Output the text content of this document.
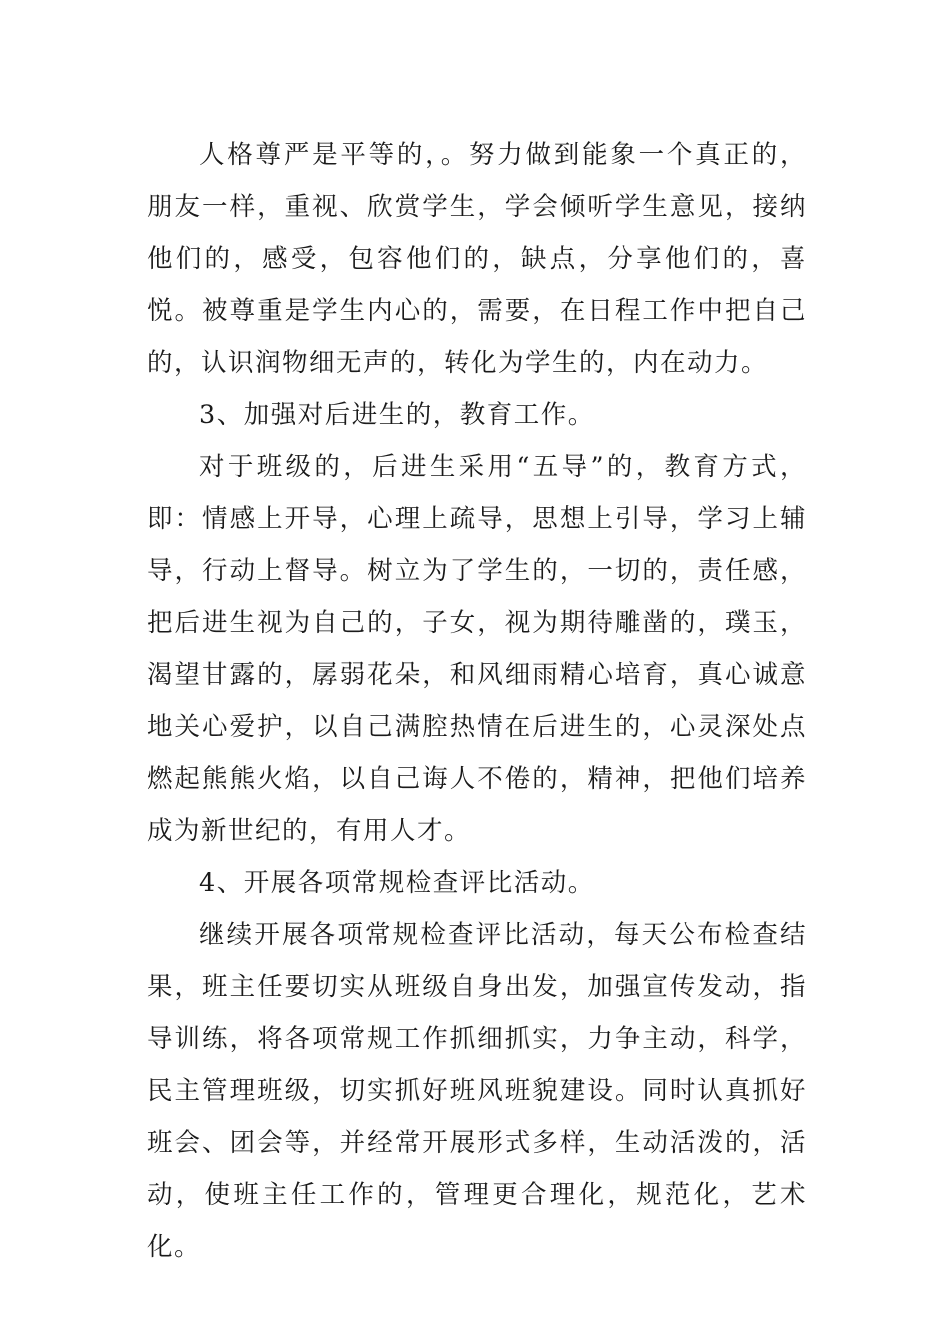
人格尊严是平等的，。努力做到能象一个真正的，朋友一样，重视、欣赏学生，学会倾听学生意见，接纳他们的，感受，包容他们的，缺点，分享他们的，喜悦。被尊重是学生内心的，需要，在日程工作中把自己的，认识润物细无声的，转化为学生的，内在动力。

3、加强对后进生的，教育工作。

对于班级的，后进生采用“五导”的，教育方式，即：情感上开导，心理上疏导，思想上引导，学习上辅导，行动上督导。树立为了学生的，一切的，责任感，把后进生视为自己的，子女，视为期待雕凿的，璞玉，渴望甘露的，孱弱花朵，和风细雨精心培育，真心诚意地关心爱护，以自己满腔热情在后进生的，心灵深处点燃起熊熊火焰，以自己诲人不倦的，精神，把他们培养成为新世纪的，有用人才。

4、开展各项常规检查评比活动。

继续开展各项常规检查评比活动，每天公布检查结果，班主任要切实从班级自身出发，加强宣传发动，指导训练，将各项常规工作抓细抓实，力争主动，科学，民主管理班级，切实抓好班风班貌建设。同时认真抓好班会、团会等，并经常开展形式多样，生动活泼的，活动，使班主任工作的，管理更合理化，规范化，艺术化。
